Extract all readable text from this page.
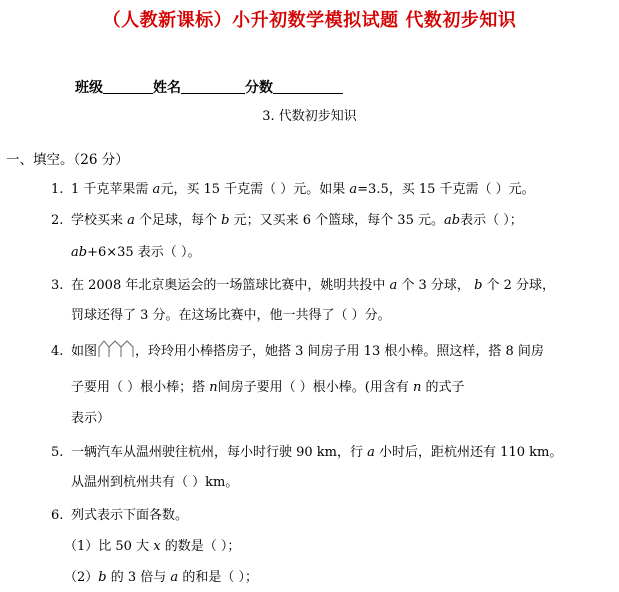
（人教新课标）小升初数学模拟试题 代数初步知识
班级	姓名	分数
3. 代数初步知识
一、填空。（26 分）
1. 1 千克苹果需 a元，买 15 千克需（ ）元。如果 a=3.5，买 15 千克需（ ）元。
2. 学校买来 a 个足球，每个 b 元；又买来 6 个篮球，每个 35 元。ab表示（ ）；
ab+6×35 表示（ ）。
3. 在 2008 年北京奥运会的一场篮球比赛中，姚明共投中 a 个 3 分球， b 个 2 分球，
罚球还得了 3 分。在这场比赛中，他一共得了（ ）分。
4. 如图	，玲玲用小棒搭房子，她搭 3 间房子用 13 根小棒。照这样，搭 8 间房
子要用（ ）根小棒；搭 n间房子要用（ ）根小棒。(用含有 n 的式子
表示）
5. 一辆汽车从温州驶往杭州，每小时行驶 90 km，行 a 小时后，距杭州还有 110 km。
从温州到杭州共有（ ）km。
6. 列式表示下面各数。
（1）比 50 大 x 的数是（ ）；
（2）b 的 3 倍与 a 的和是（ ）；
